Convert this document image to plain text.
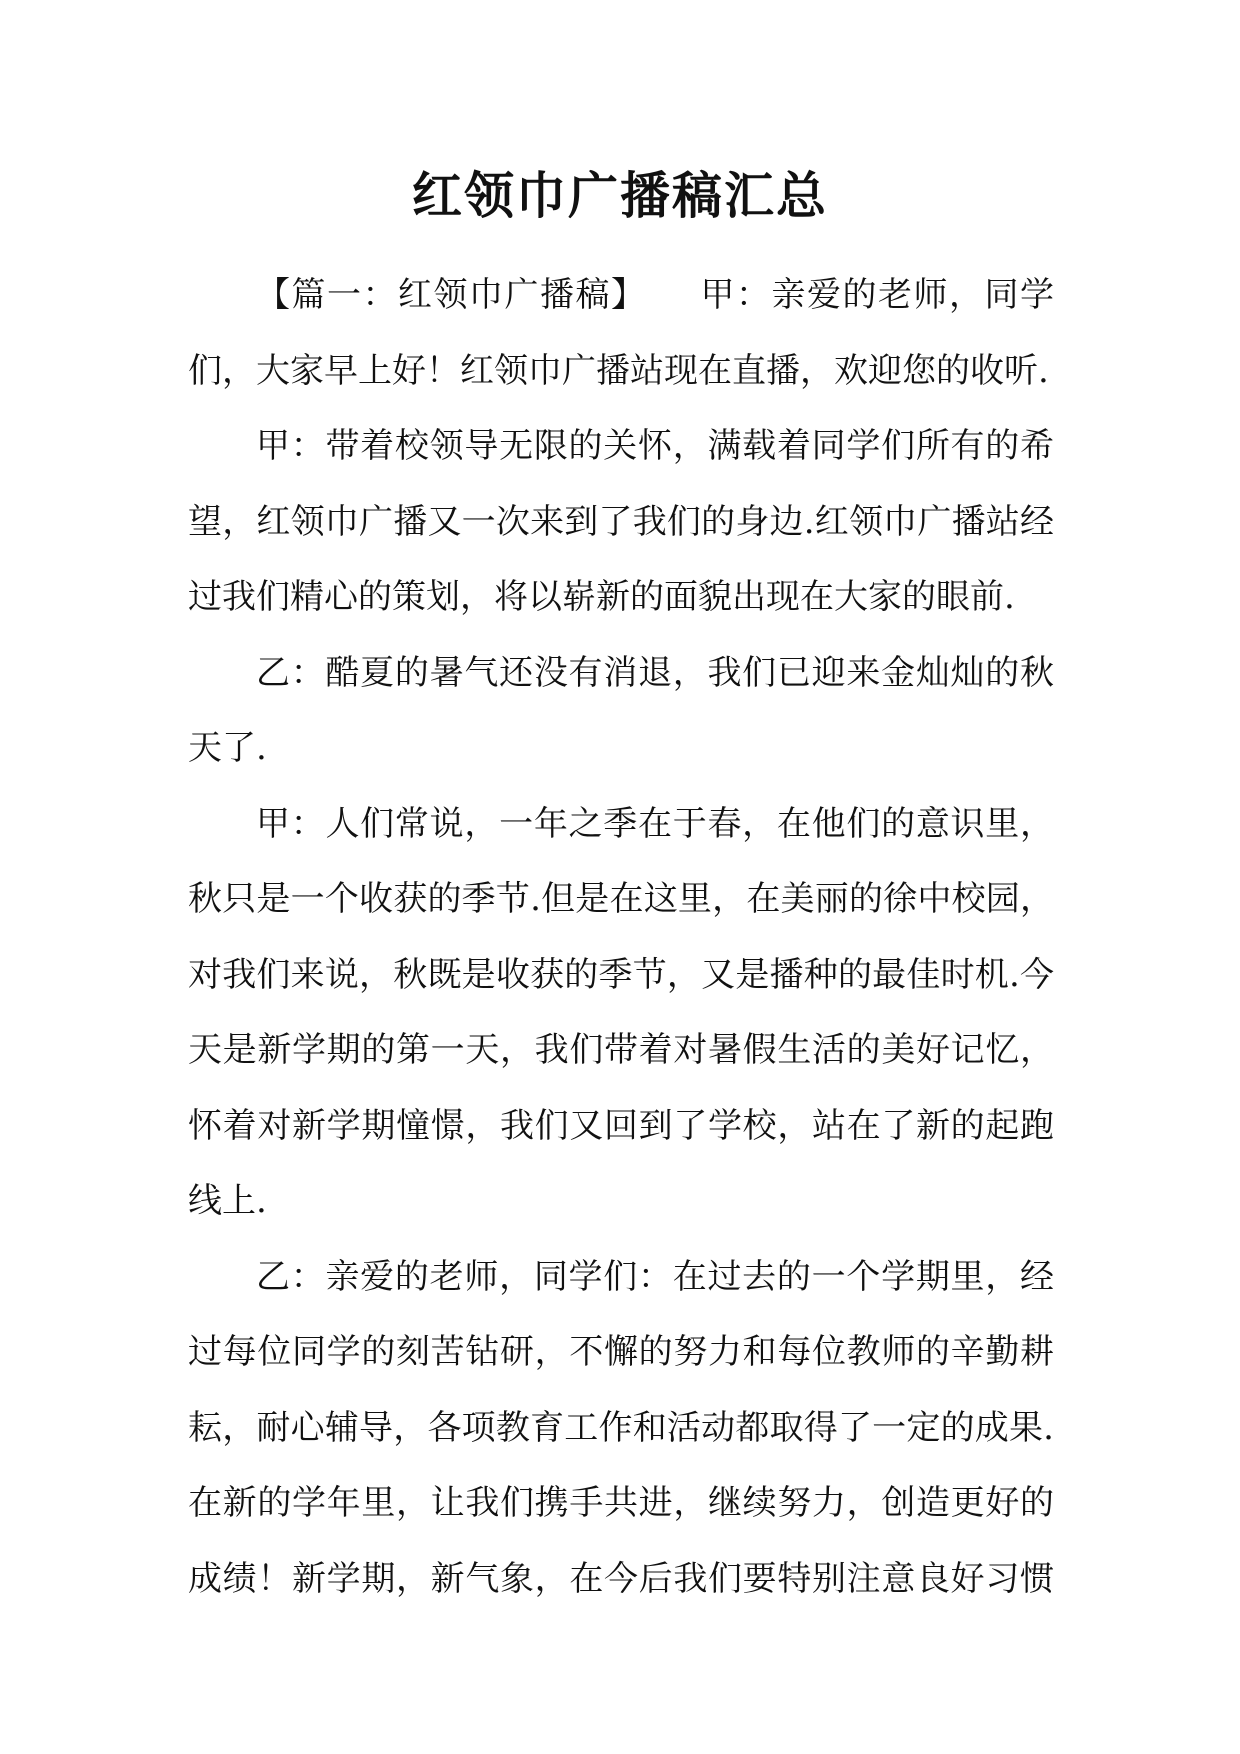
红领巾广播稿汇总
【篇一：红领巾广播稿】　　甲：亲爱的老师，同学
们，大家早上好！红领巾广播站现在直播，欢迎您的收听.
甲：带着校领导无限的关怀，满载着同学们所有的希
望，红领巾广播又一次来到了我们的身边.红领巾广播站经
过我们精心的策划，将以崭新的面貌出现在大家的眼前.
乙：酷夏的暑气还没有消退，我们已迎来金灿灿的秋
天了.
甲：人们常说，一年之季在于春，在他们的意识里，
秋只是一个收获的季节.但是在这里，在美丽的徐中校园，
对我们来说，秋既是收获的季节，又是播种的最佳时机.今
天是新学期的第一天，我们带着对暑假生活的美好记忆，
怀着对新学期憧憬，我们又回到了学校，站在了新的起跑
线上.
乙：亲爱的老师，同学们：在过去的一个学期里，经
过每位同学的刻苦钻研，不懈的努力和每位教师的辛勤耕
耘，耐心辅导，各项教育工作和活动都取得了一定的成果.
在新的学年里，让我们携手共进，继续努力，创造更好的
成绩！新学期，新气象，在今后我们要特别注意良好习惯
